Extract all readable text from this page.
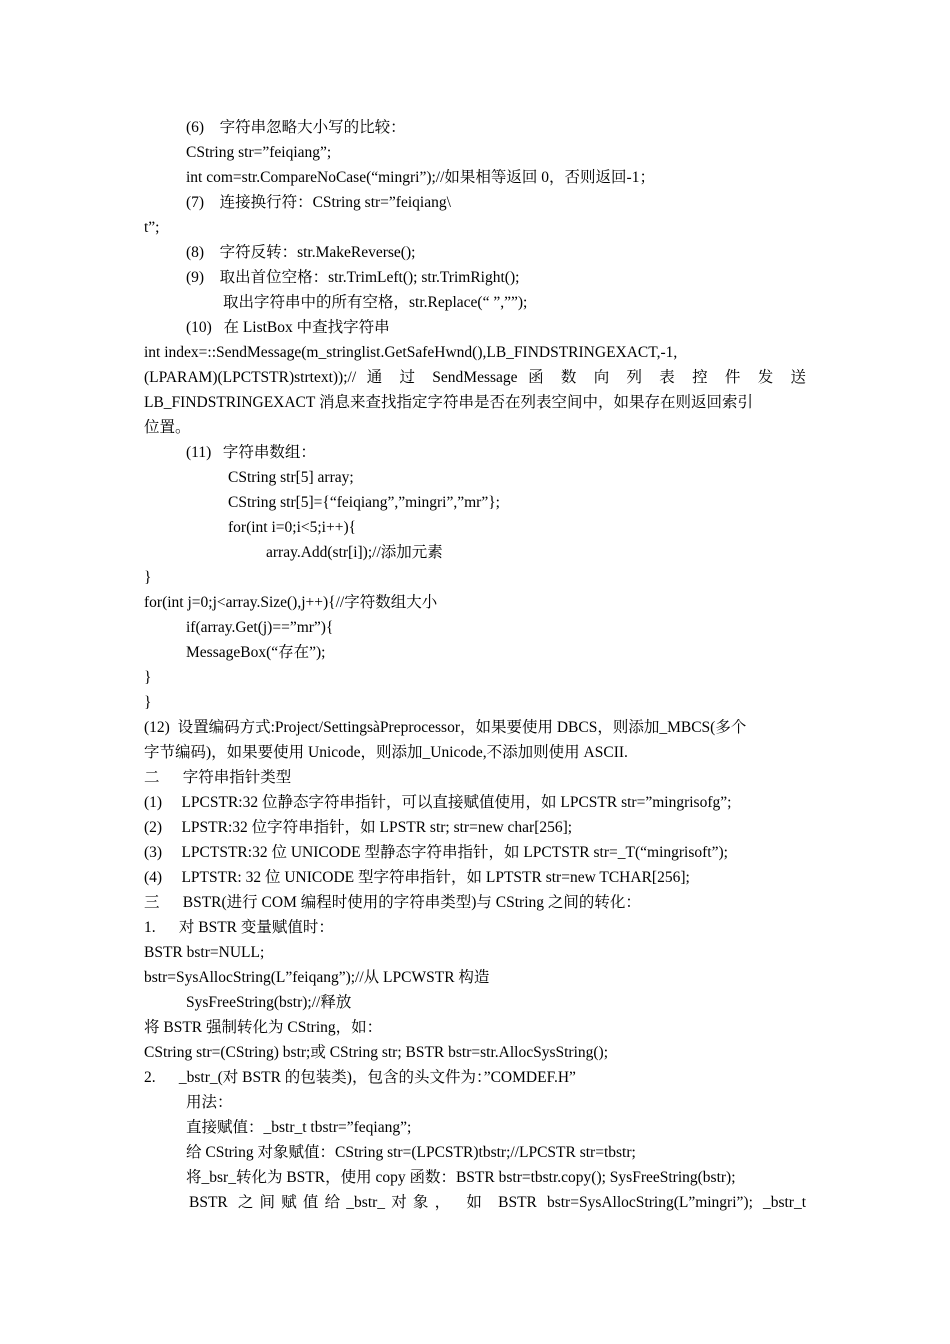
(6)    字符串忽略大小写的比较：
CString str=”feiqiang”;
int com=str.CompareNoCase(“mingri”);//如果相等返回 0，否则返回-1；
(7)    连接换行符：CString str=”feiqiang\
t”;
(8)    字符反转：str.MakeReverse();
(9)    取出首位空格：str.TrimLeft(); str.TrimRight();
取出字符串中的所有空格，str.Replace(“ ”,””);
(10)   在 ListBox 中查找字符串
int index=::SendMessage(m_stringlist.GetSafeHwnd(),LB_FINDSTRINGEXACT,-1,
(LPARAM)(LPCTSTR)strtext));// 通 过 SendMessage 函 数 向 列 表 控 件 发 送
LB_FINDSTRINGEXACT 消息来查找指定字符串是否在列表空间中，如果存在则返回索引
位置。
(11)   字符串数组：
CString str[5] array;
CString str[5]={“feiqiang”,”mingri”,”mr”};
for(int i=0;i<5;i++){
array.Add(str[i]);//添加元素
}
for(int j=0;j<array.Size(),j++){//字符数组大小
if(array.Get(j)==”mr”){
MessageBox(“存在”);
}
}
(12)  设置编码方式:Project/SettingsàPreprocessor，如果要使用 DBCS，则添加_MBCS(多个
字节编码)，如果要使用 Unicode，则添加_Unicode,不添加则使用 ASCII.
二      字符串指针类型
(1)     LPCSTR:32 位静态字符串指针，可以直接赋值使用，如 LPCSTR str=”mingrisofg”;
(2)     LPSTR:32 位字符串指针，如 LPSTR str; str=new char[256];
(3)     LPCTSTR:32 位 UNICODE 型静态字符串指针，如 LPCTSTR str=_T(“mingrisoft”);
(4)     LPTSTR: 32 位 UNICODE 型字符串指针，如 LPTSTR str=new TCHAR[256];
三      BSTR(进行 COM 编程时使用的字符串类型)与 CString 之间的转化：
1.      对 BSTR 变量赋值时：
BSTR bstr=NULL;
bstr=SysAllocString(L”feiqang”);//从 LPCWSTR 构造
SysFreeString(bstr);//释放
将 BSTR 强制转化为 CString，如：
CString str=(CString) bstr;或 CString str; BSTR bstr=str.AllocSysString();
2.      _bstr_(对 BSTR 的包装类)，包含的头文件为：”COMDEF.H”
用法：
直接赋值：_bstr_t tbstr=”feqiang”;
给 CString 对象赋值：CString str=(LPCSTR)tbstr;//LPCSTR str=tbstr;
将_bsr_转化为 BSTR，使用 copy 函数：BSTR bstr=tbstr.copy(); SysFreeString(bstr);
BSTR 之间赋值给_bstr_对象， 如 BSTR bstr=SysAllocString(L”mingri”); _bstr_t
